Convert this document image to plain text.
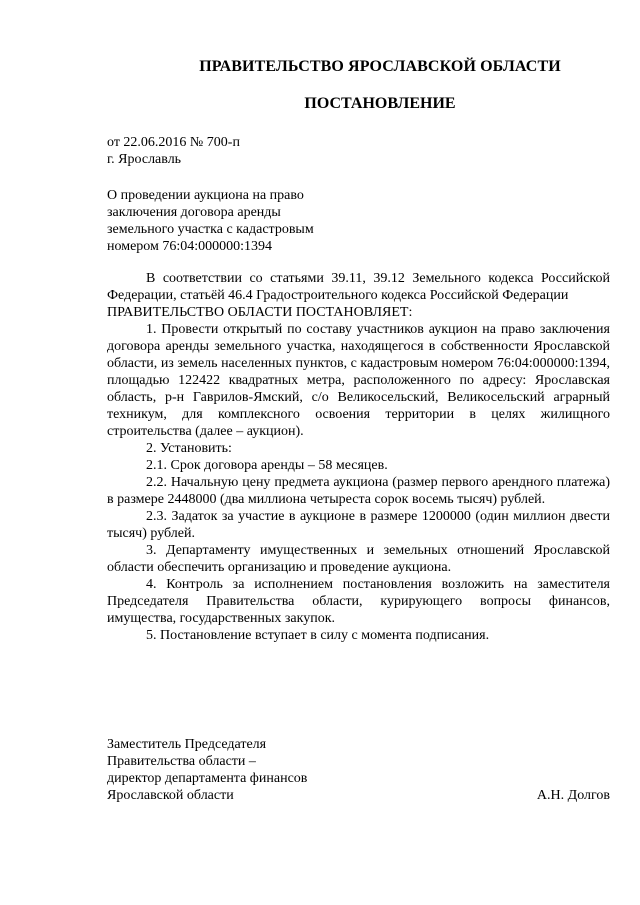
ПРАВИТЕЛЬСТВО ЯРОСЛАВСКОЙ ОБЛАСТИ
ПОСТАНОВЛЕНИЕ
от 22.06.2016 № 700-п
г. Ярославль
О проведении аукциона на право
заключения договора аренды
земельного участка с кадастровым
номером 76:04:000000:1394

В соответствии со статьями 39.11, 39.12 Земельного кодекса Российской Федерации, статьёй 46.4 Градостроительного кодекса Российской Федерации

ПРАВИТЕЛЬСТВО ОБЛАСТИ ПОСТАНОВЛЯЕТ:

1. Провести открытый по составу участников аукцион на право заключения договора аренды земельного участка, находящегося в собственности Ярославской области, из земель населенных пунктов, с кадастровым номером 76:04:000000:1394, площадью 122422 квадратных метра, расположенного по адресу: Ярославская область, р-н Гаврилов-Ямский, с/о Великосельский, Великосельский аграрный техникум, для комплексного освоения территории в целях жилищного строительства (далее – аукцион).

2. Установить:

2.1. Срок договора аренды – 58 месяцев.

2.2. Начальную цену предмета аукциона (размер первого арендного платежа) в размере 2448000 (два миллиона четыреста сорок восемь тысяч) рублей.

2.3. Задаток за участие в аукционе в размере 1200000 (один миллион двести тысяч) рублей.

3. Департаменту имущественных и земельных отношений Ярославской области обеспечить организацию и проведение аукциона.

4. Контроль за исполнением постановления возложить на заместителя Председателя Правительства области, курирующего вопросы финансов, имущества, государственных закупок.

5. Постановление вступает в силу с момента подписания.

Заместитель Председателя
Правительства области –
директор департамента финансов
Ярославской области	А.Н. Долгов
